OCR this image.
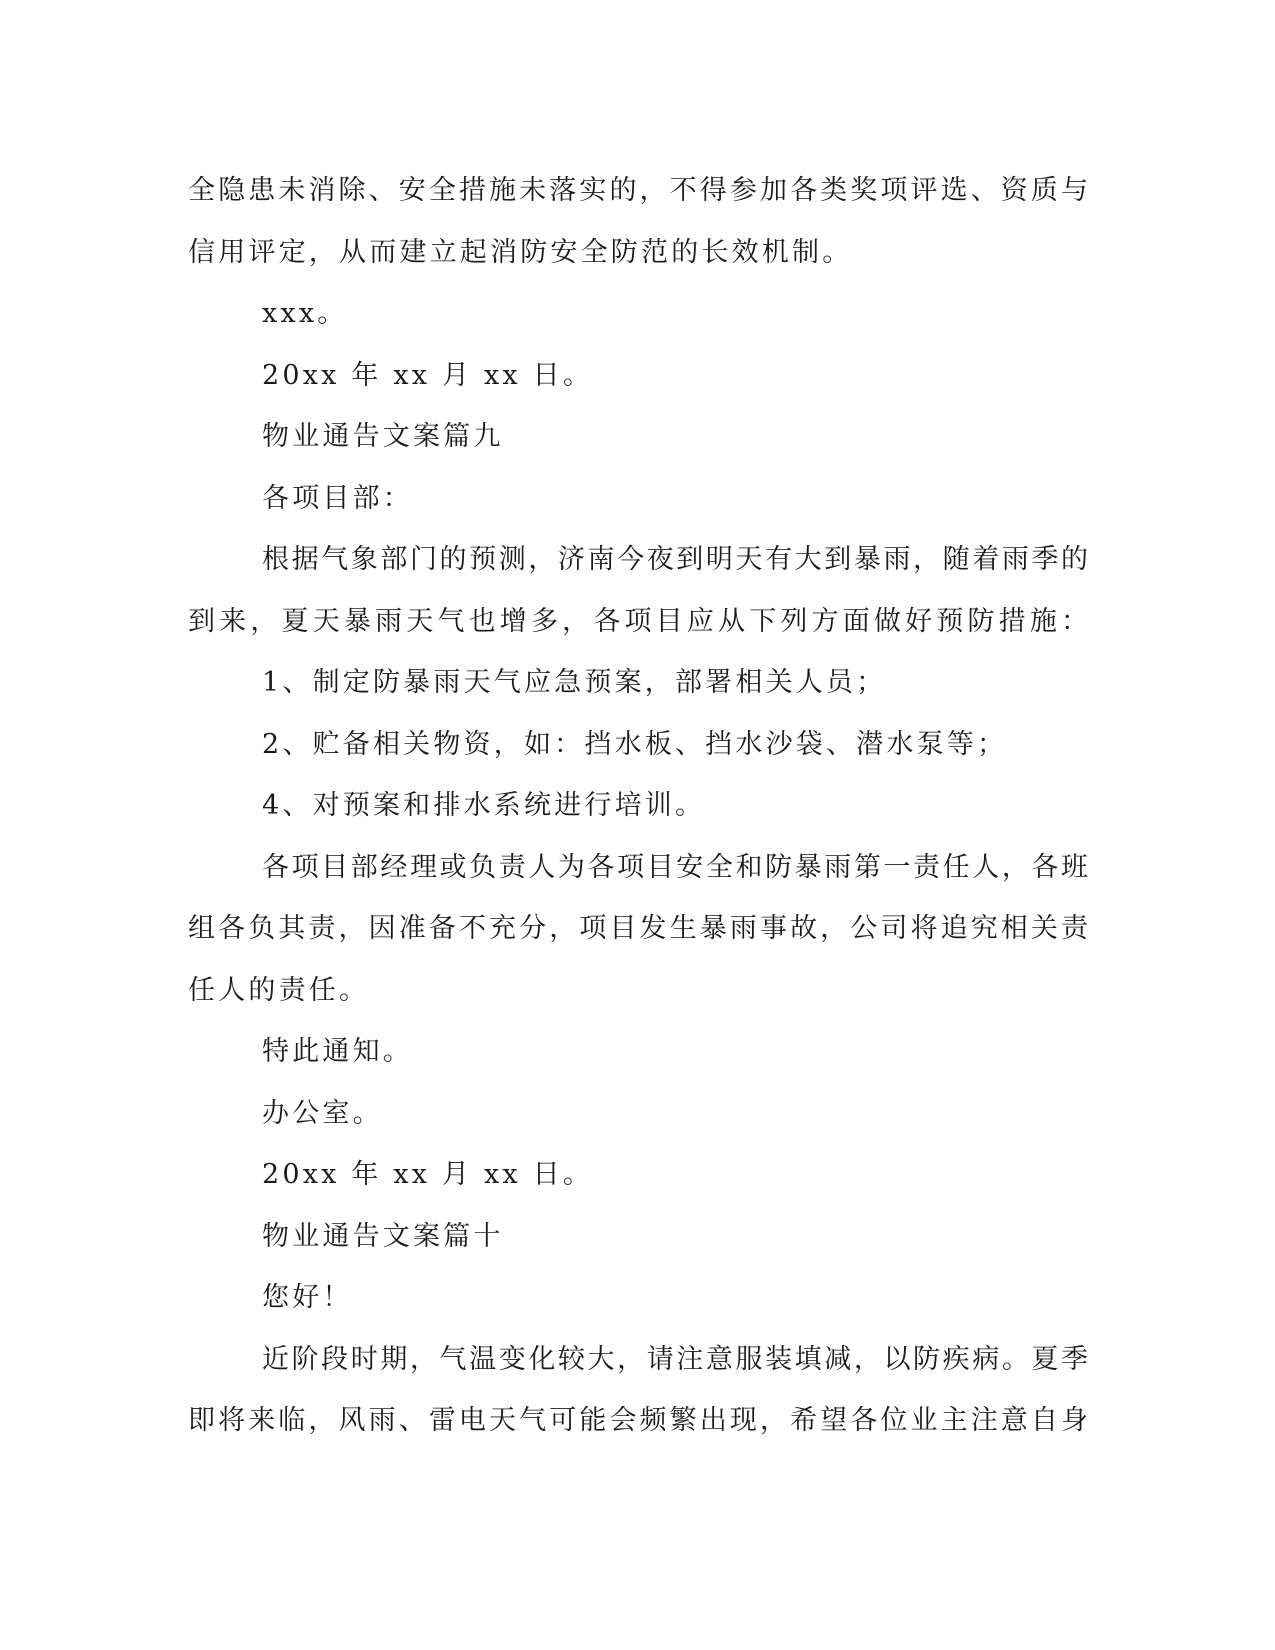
全隐患未消除、安全措施未落实的，不得参加各类奖项评选、资质与
信用评定，从而建立起消防安全防范的长效机制。
xxx。
20xx 年 xx 月 xx 日。
物业通告文案篇九
各项目部：
根据气象部门的预测，济南今夜到明天有大到暴雨，随着雨季的
到来，夏天暴雨天气也增多，各项目应从下列方面做好预防措施：
1、制定防暴雨天气应急预案，部署相关人员；
2、贮备相关物资，如：挡水板、挡水沙袋、潜水泵等；
4、对预案和排水系统进行培训。
各项目部经理或负责人为各项目安全和防暴雨第一责任人，各班
组各负其责，因准备不充分，项目发生暴雨事故，公司将追究相关责
任人的责任。
特此通知。
办公室。
20xx 年 xx 月 xx 日。
物业通告文案篇十
您好！
近阶段时期，气温变化较大，请注意服装填减，以防疾病。夏季
即将来临，风雨、雷电天气可能会频繁出现，希望各位业主注意自身
